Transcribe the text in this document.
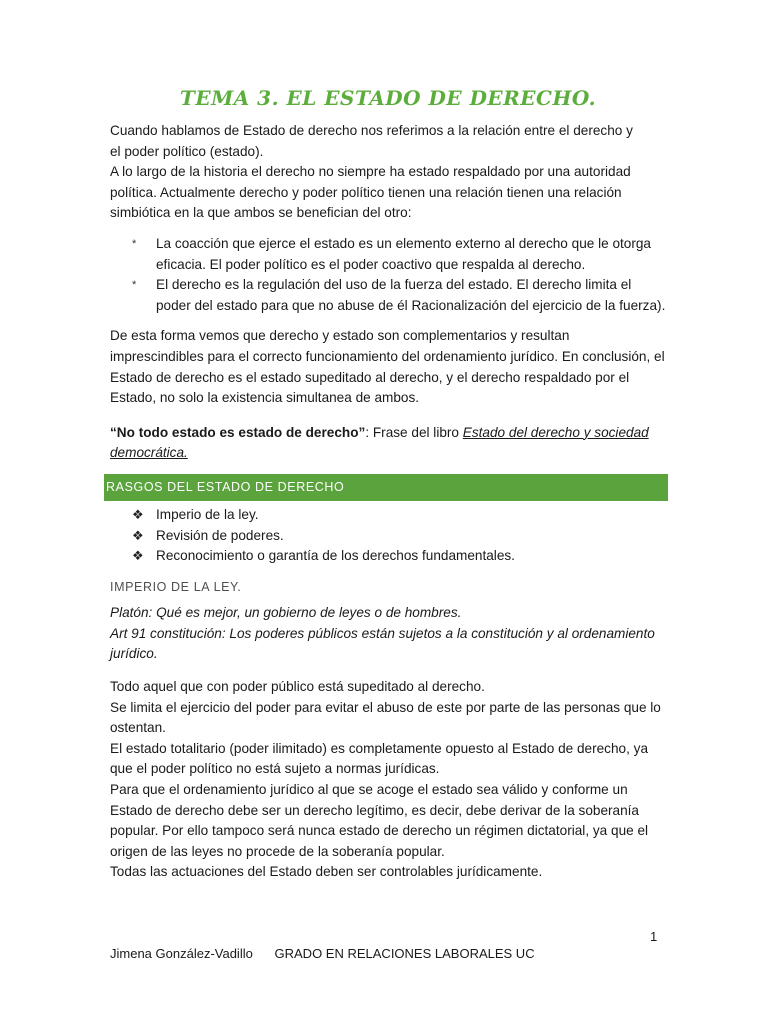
TEMA 3. EL ESTADO DE DERECHO.

Cuando hablamos de Estado de derecho nos referimos a la relación entre el derecho y

el poder político (estado).

A lo largo de la historia el derecho no siempre ha estado respaldado por una autoridad política. Actualmente derecho y poder político tienen una relación tienen una relación simbiótica en la que ambos se benefician del otro:

* La coacción que ejerce el estado es un elemento externo al derecho que le otorga eficacia. El poder político es el poder coactivo que respalda al derecho.
* El derecho es la regulación del uso de la fuerza del estado. El derecho limita el poder del estado para que no abuse de él Racionalización del ejercicio de la fuerza).

De esta forma vemos que derecho y estado son complementarios y resultan imprescindibles para el correcto funcionamiento del ordenamiento jurídico. En conclusión, el Estado de derecho es el estado supeditado al derecho, y el derecho respaldado por el Estado, no solo la existencia simultanea de ambos.

“No todo estado es estado de derecho”: Frase del libro Estado del derecho y sociedad democrática.

RASGOS DEL ESTADO DE DERECHO
❖ Imperio de la ley.
❖ Revisión de poderes.
❖ Reconocimiento o garantía de los derechos fundamentales.
IMPERIO DE LA LEY.

Platón: Qué es mejor, un gobierno de leyes o de hombres.

Art 91 constitución: Los poderes públicos están sujetos a la constitución y al ordenamiento jurídico.

Todo aquel que con poder público está supeditado al derecho.

Se limita el ejercicio del poder para evitar el abuso de este por parte de las personas que lo ostentan.

El estado totalitario (poder ilimitado) es completamente opuesto al Estado de derecho, ya que el poder político no está sujeto a normas jurídicas.

Para que el ordenamiento jurídico al que se acoge el estado sea válido y conforme un Estado de derecho debe ser un derecho legítimo, es decir, debe derivar de la soberanía popular. Por ello tampoco será nunca estado de derecho un régimen dictatorial, ya que el origen de las leyes no procede de la soberanía popular.

Todas las actuaciones del Estado deben ser controlables jurídicamente.

1
Jimena González-Vadillo GRADO EN RELACIONES LABORALES UC
